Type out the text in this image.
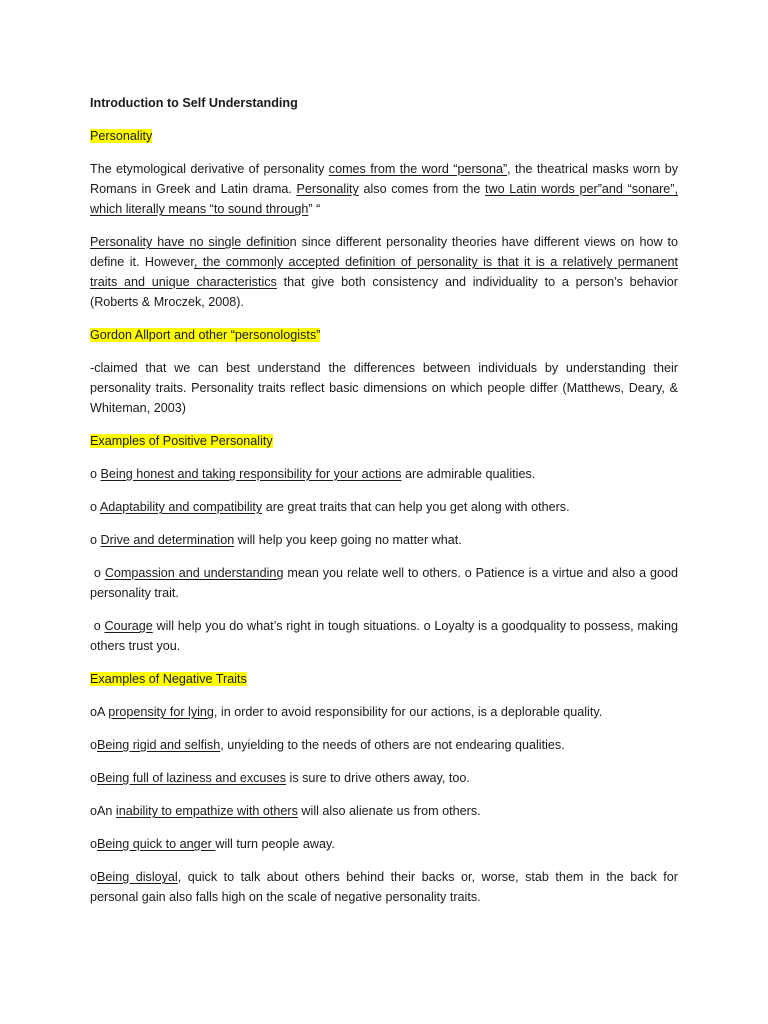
Introduction to Self Understanding
Personality

The etymological derivative of personality comes from the word “persona”, the theatrical masks worn by Romans in Greek and Latin drama. Personality also comes from the two Latin words per”and “sonare”, which literally means “to sound through” “

Personality have no single definition since different personality theories have different views on how to define it. However, the commonly accepted definition of personality is that it is a relatively permanent traits and unique characteristics that give both consistency and individuality to a person’s behavior (Roberts & Mroczek, 2008).

Gordon Allport and other “personologists”

-claimed that we can best understand the differences between individuals by understanding their personality traits. Personality traits reflect basic dimensions on which people differ (Matthews, Deary, & Whiteman, 2003)

Examples of Positive Personality

o Being honest and taking responsibility for your actions are admirable qualities.

o Adaptability and compatibility are great traits that can help you get along with others.

o Drive and determination will help you keep going no matter what.

o Compassion and understanding mean you relate well to others. o Patience is a virtue and also a good personality trait.

o Courage will help you do what’s right in tough situations. o Loyalty is a goodquality to possess, making others trust you.

Examples of Negative Traits

oA propensity for lying, in order to avoid responsibility for our actions, is a deplorable quality.

oBeing rigid and selfish, unyielding to the needs of others are not endearing qualities.

oBeing full of laziness and excuses is sure to drive others away, too.

oAn inability to empathize with others will also alienate us from others.

oBeing quick to anger will turn people away.

oBeing disloyal, quick to talk about others behind their backs or, worse, stab them in the back for personal gain also falls high on the scale of negative personality traits.
